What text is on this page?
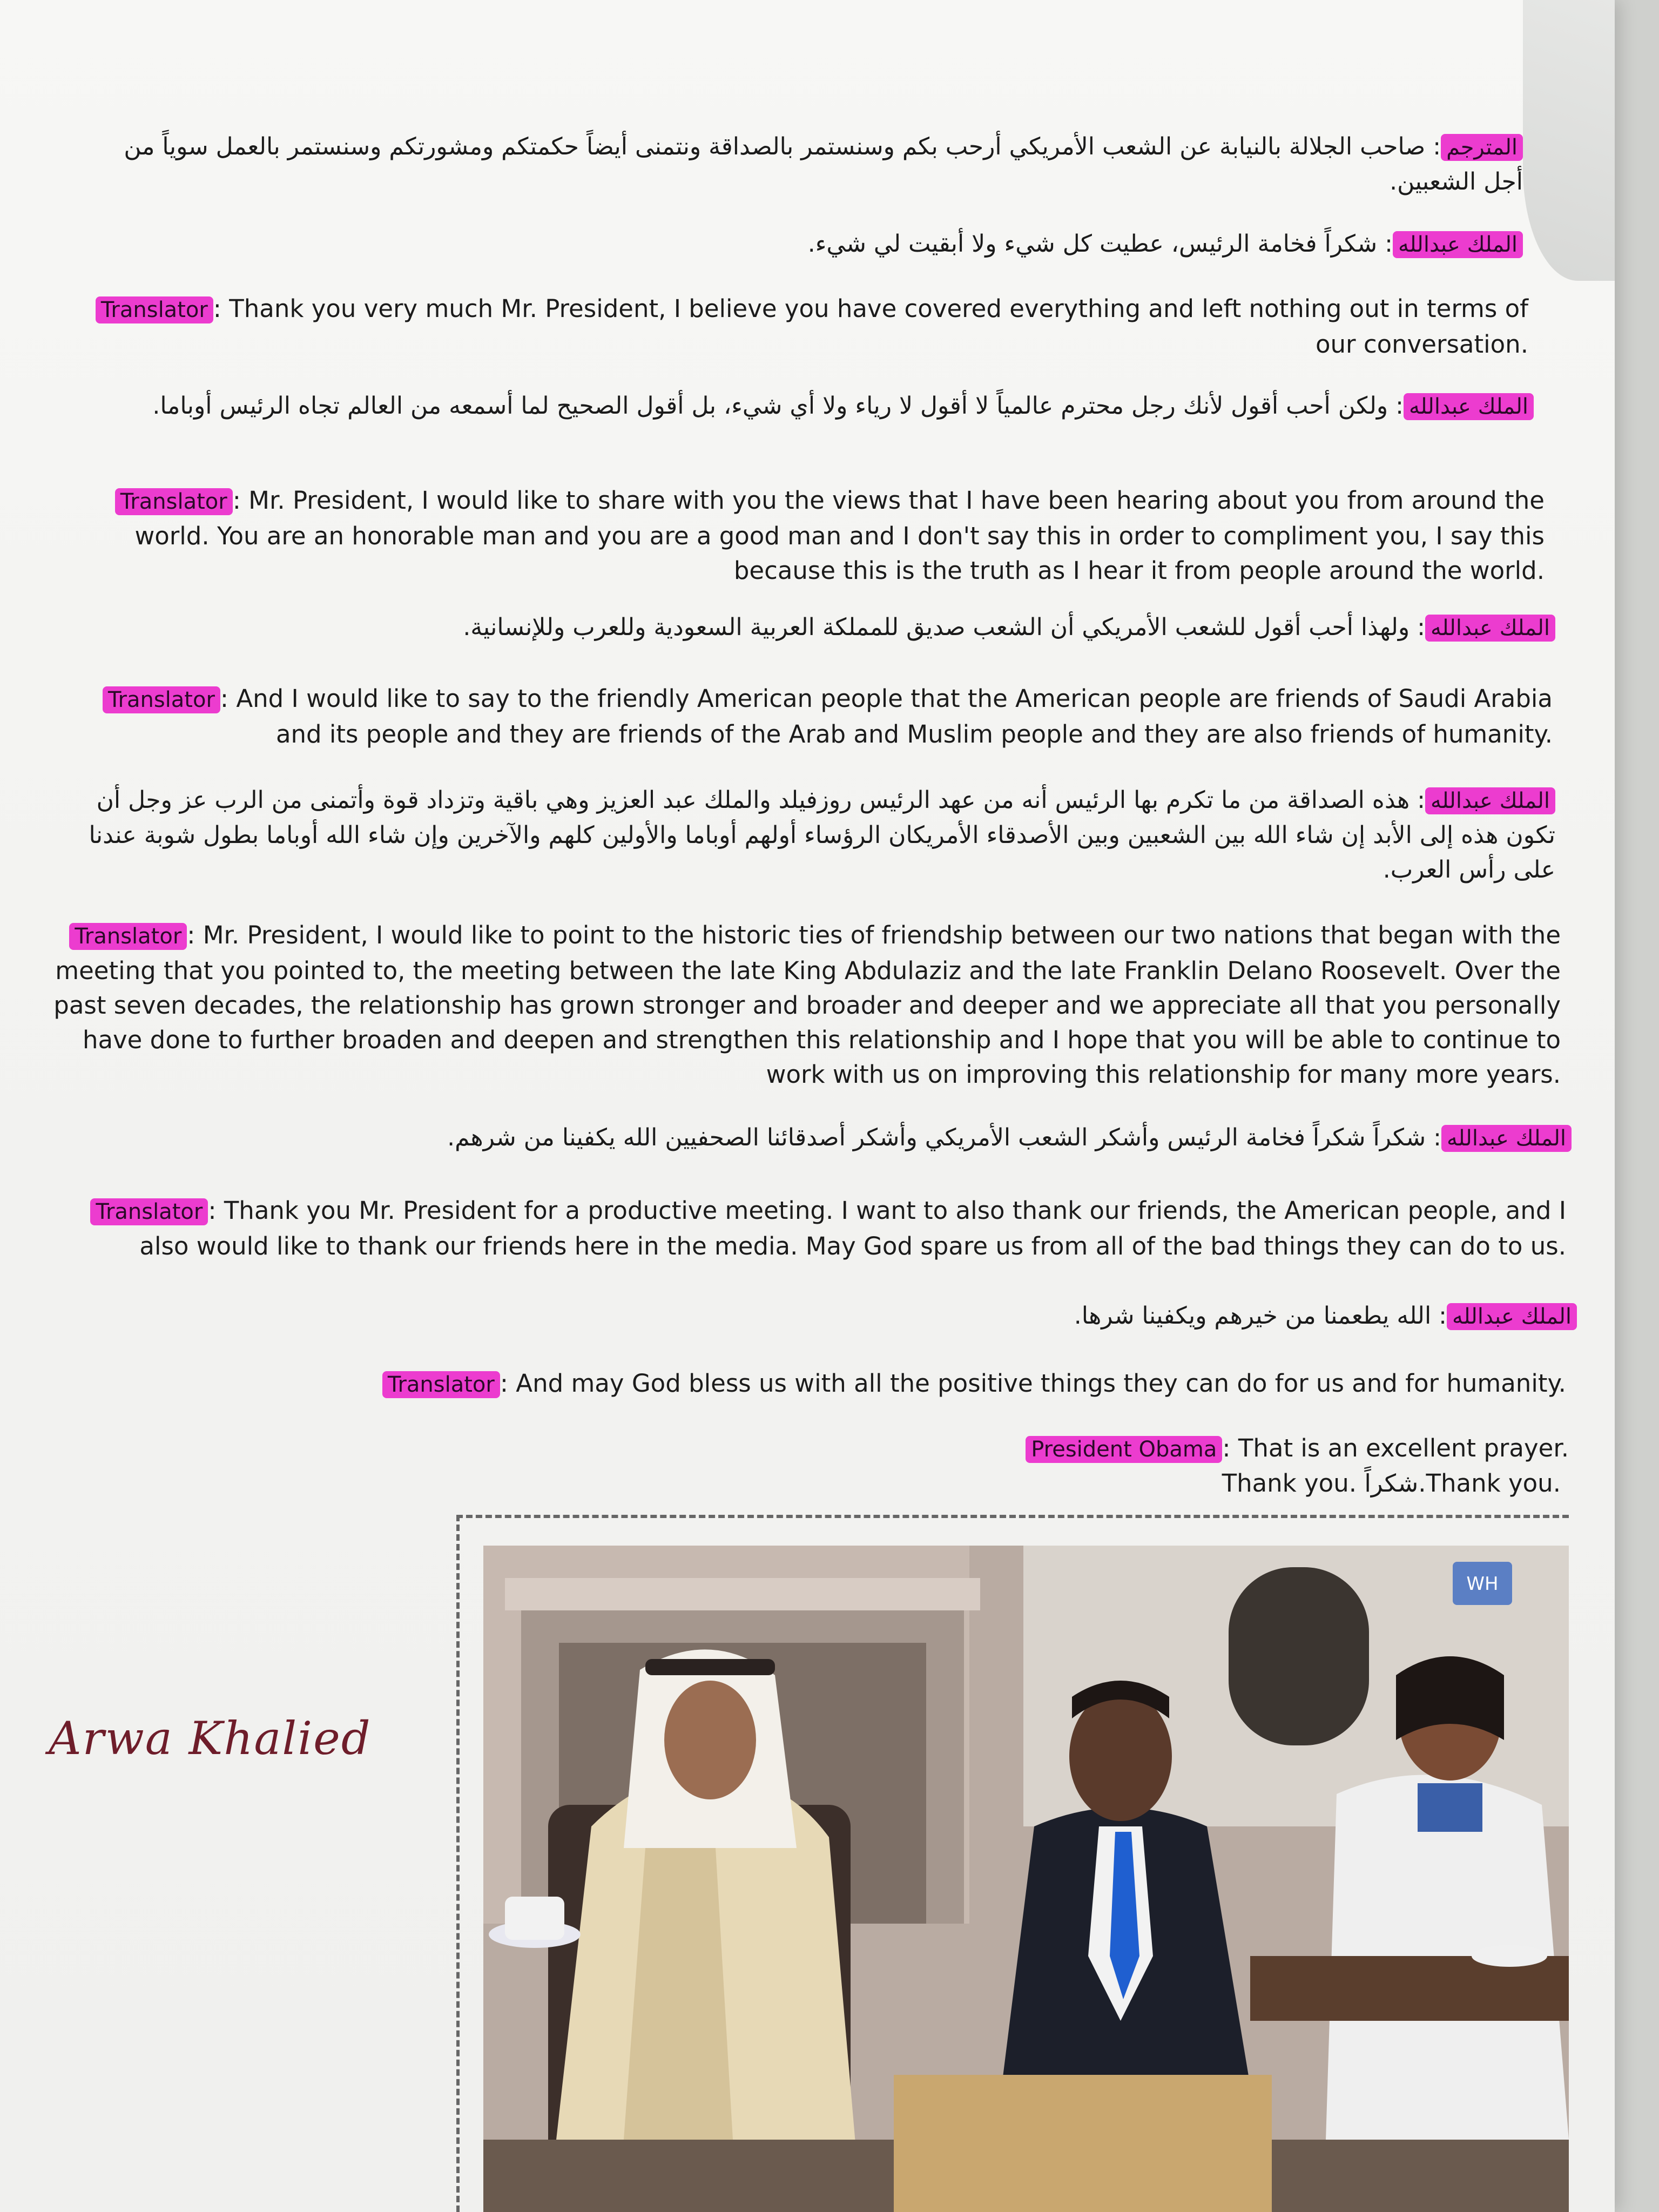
المترجم: صاحب الجلالة بالنيابة عن الشعب الأمريكي أرحب بكم وسنستمر بالصداقة ونتمنى أيضاً حكمتكم ومشورتكم وسنستمر بالعمل سوياً من أجل الشعبين.
الملك عبدالله: شكراً فخامة الرئيس، عطيت كل شيء ولا أبقيت لي شيء.
Translator : Thank you very much Mr. President, I believe you have covered everything and left nothing out in terms of our conversation.
الملك عبدالله: ولكن أحب أقول لأنك رجل محترم عالمياً لا أقول لا رياء ولا أي شيء، بل أقول الصحيح لما أسمعه من العالم تجاه الرئيس أوباما.
Translator : Mr. President, I would like to share with you the views that I have been hearing about you from around the world. You are an honorable man and you are a good man and I don't say this in order to compliment you, I say this because this is the truth as I hear it from people around the world.
الملك عبدالله: ولهذا أحب أقول للشعب الأمريكي أن الشعب صديق للمملكة العربية السعودية وللعرب وللإنسانية.
Translator : And I would like to say to the friendly American people that the American people are friends of Saudi Arabia and its people and they are friends of the Arab and Muslim people and they are also friends of humanity.
الملك عبدالله: هذه الصداقة من ما تكرم بها الرئيس أنه من عهد الرئيس روزفيلد والملك عبد العزيز وهي باقية وتزداد قوة وأتمنى من الرب عز وجل أن تكون هذه إلى الأبد إن شاء الله بين الشعبين وبين الأصدقاء الأمريكان الرؤساء أولهم أوباما والأولين كلهم والآخرين وإن شاء الله أوباما بطول شوبة عندنا على رأس العرب.
Translator : Mr. President, I would like to point to the historic ties of friendship between our two nations that began with the meeting that you pointed to, the meeting between the late King Abdulaziz and the late Franklin Delano Roosevelt. Over the past seven decades, the relationship has grown stronger and broader and deeper and we appreciate all that you personally have done to further broaden and deepen and strengthen this relationship and I hope that you will be able to continue to work with us on improving this relationship for many more years.
الملك عبدالله: شكراً شكراً فخامة الرئيس وأشكر الشعب الأمريكي وأشكر أصدقائنا الصحفيين الله يكفينا من شرهم.
Translator : Thank you Mr. President for a productive meeting. I want to also thank our friends, the American people, and I also would like to thank our friends here in the media. May God spare us from all of the bad things they can do to us.
الملك عبدالله: الله يطعمنا من خيرهم ويكفينا شرها.
Translator : And may God bless us with all the positive things they can do for us and for humanity.
President Obama : That is an excellent prayer.
Thank you. شكراً.Thank you.
Arwa Khalied
WH
